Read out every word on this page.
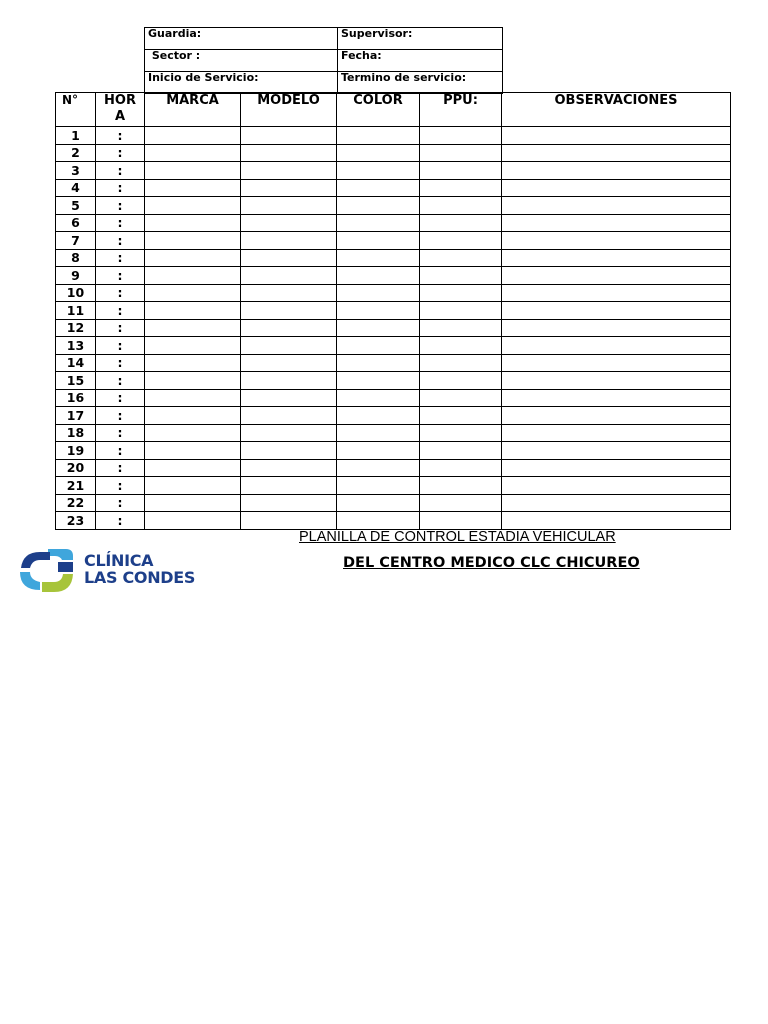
Guardia:	Supervisor:
Sector :	Fecha:
Inicio de Servicio:	Termino de servicio:
N°	HOR A	MARCA	MODELO	COLOR	PPU:	OBSERVACIONES
1	:					
2	:					
3	:					
4	:					
5	:					
6	:					
7	:					
8	:					
9	:					
10	:					
11	:					
12	:					
13	:					
14	:					
15	:					
16	:					
17	:					
18	:					
19	:					
20	:					
21	:					
22	:					
23	:					
PLANILLA DE CONTROL ESTADIA VEHICULAR
DEL CENTRO MEDICO CLC CHICUREO
CLÍNICA
LAS CONDES
